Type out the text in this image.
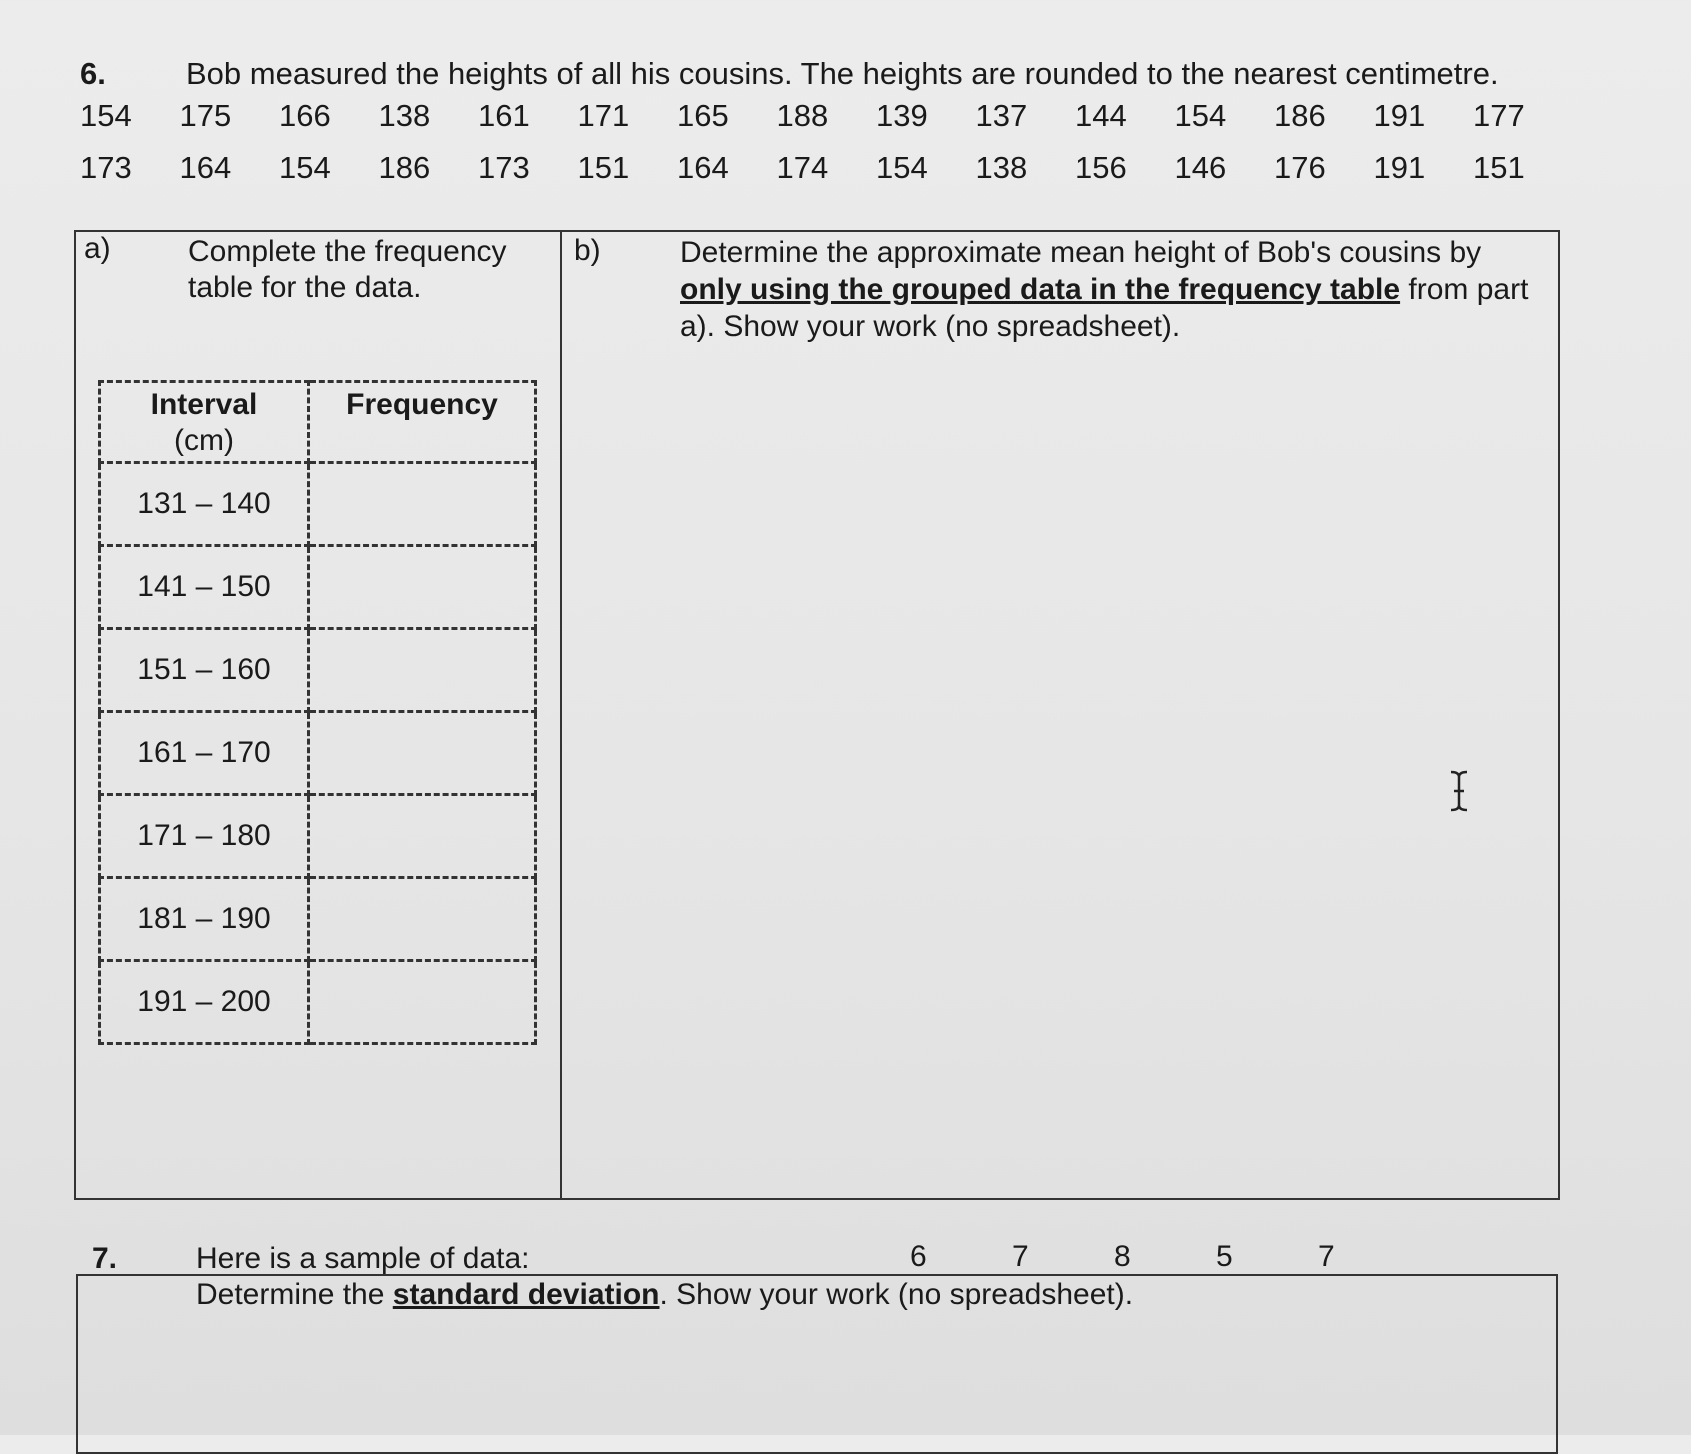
6.	Bob measured the heights of all his cousins. The heights are rounded to the nearest centimetre.
154	175	166	138	161	171	165	188	139	137	144	154	186	191	177
173	164	154	186	173	151	164	174	154	138	156	146	176	191	151
a)	Complete the frequency table for the data.
Interval
(cm)	Frequency
131 – 140	
141 – 150	
151 – 160	
161 – 170	
171 – 180	
181 – 190	
191 – 200	
b)	Determine the approximate mean height of Bob's cousins by only using the grouped data in the frequency table from part a). Show your work (no spreadsheet).
7.	Here is a sample of data:	6	7	8	5	7
Determine the standard deviation. Show your work (no spreadsheet).
